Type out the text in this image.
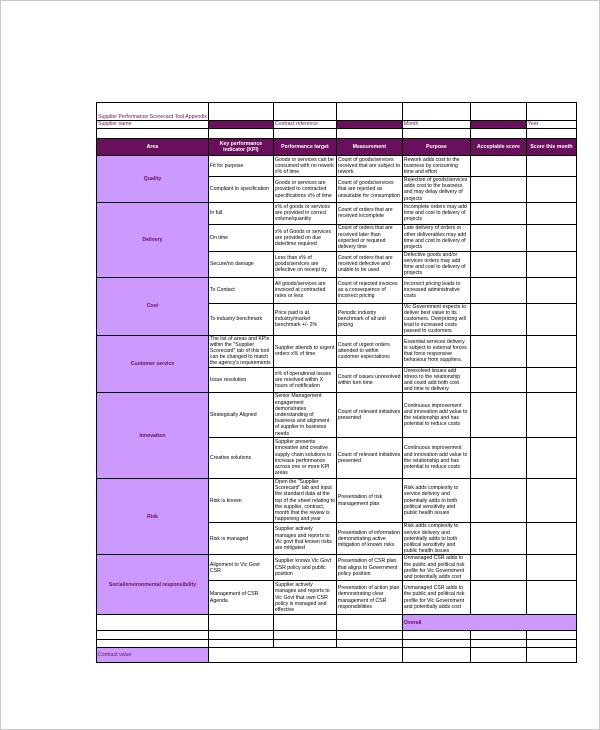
Supplier Performance Scorecard Tool Appendix						
Supplier name		Contract reference		Month		Year

Area	Key performance indicator (KPI)	Performance target	Measurement	Purpose	Acceptable score	Score this month
Quality	Fit for purpose	Goods or services can be consumed with no rework x% of time	Count of goods/services received that are subject to rework	Rework adds cost to the business by consuming time and effort		
	Compliant to specification	Goods or services are provided to contracted specifications x% of time	Count of goods/services that are rejected as unsuitable for consumption	Rejection of goods/services adds cost to the business and may delay delivery of projects		
Delivery	In full	x% of goods or services are provided in correct volume/quantity	Count of orders that are received incomplete	Incomplete orders may add time and cost to delivery of projects		
	On time	x% of Goods or services are provided on due date/time required	Count of orders that are received later than expected or required delivery time	Late delivery of orders or other deliverables may add time and cost to delivery of projects		
	Secure/no damage	Less than x% of goods/services are defective on receipt by	Count of orders that are received defective and unable to be used	Defective goods and/or services orders may add time and cost to delivery of projects		
Cost	To Contact	All goods/services are invoiced at contracted rates or less	Count of rejected invoices as a consequence of incorrect pricing	Incorrect pricing leads to increased administrative costs		
	To industry benchmark	Price paid is at industry/market benchmark +/- 2%	Periodic industry benchmark of all unit pricing	Vic Government expects to deliver best value to its customers. Overpricing will lead to increased costs passed to customers		
Customer service	The list of areas and KPIs within the "Supplier Scorecard" tab of this tool can be changed to match the agency's requirements	Supplier attends to urgent orders x% of time	Count of urgent orders attended to within customer expectations	Essential services delivery is subject to external forces that force responsive behaviour from suppliers.		
	Issue resolution	x% of operational issues are resolved within X hours of notification	Count of issues unresolved within turn time	Unresolved issues add stress to the relationship and could add both cost and time to delivery		
Innovation	Strategically Aligned	Senior Management engagement demonstrates understanding of business and alignment of supplier in business needs	Count of relevant initiatives presented	Continuous improvement and innovation add value to the relationship and has potential to reduce costs		
	Creative solutions	Supplier presents innovative and creative supply chain solutions to increase performance across one or more KPI areas	Count of relevant initiatives presented	Continuous improvement and innovation add value to the relationship and has potential to reduce costs		
Risk	Risk is known	Open the "Supplier Scorecard" tab and input the standard data at the top of the sheet relating to the supplier, contract, month that the review is happening and year	Presentation of risk management plan	Risk adds complexity to service delivery and potentially adds to both political sensitivity and public health issues		
	Risk is managed	Supplier actively manages and reports to Vic govt that known risks are mitigated	Presentation of information demonstrating active mitigation of known risks	Risk adds complexity to service delivery and potentially adds to both political sensitivity and public health issues		
Social/environmental responsibility	Alignment to Vic Govt CSR	Supplier knows Vic Govt CSR policy and public position	Presentation of CSR plan that aligns to Government policy position	Unmanaged CSR adds to the public and political risk profile for Vic Government and potentially adds cost		
	Management of CSR Agenda	Supplier actively manages and reports to Vic Govt that own CSR policy is managed and effective	Presentation of action plan demonstrating clear management of CSR responsibilities	Unmanaged CSR adds to the public and political risk profile for Vic Government and potentially adds cost		
				Overall		

Contract value						
